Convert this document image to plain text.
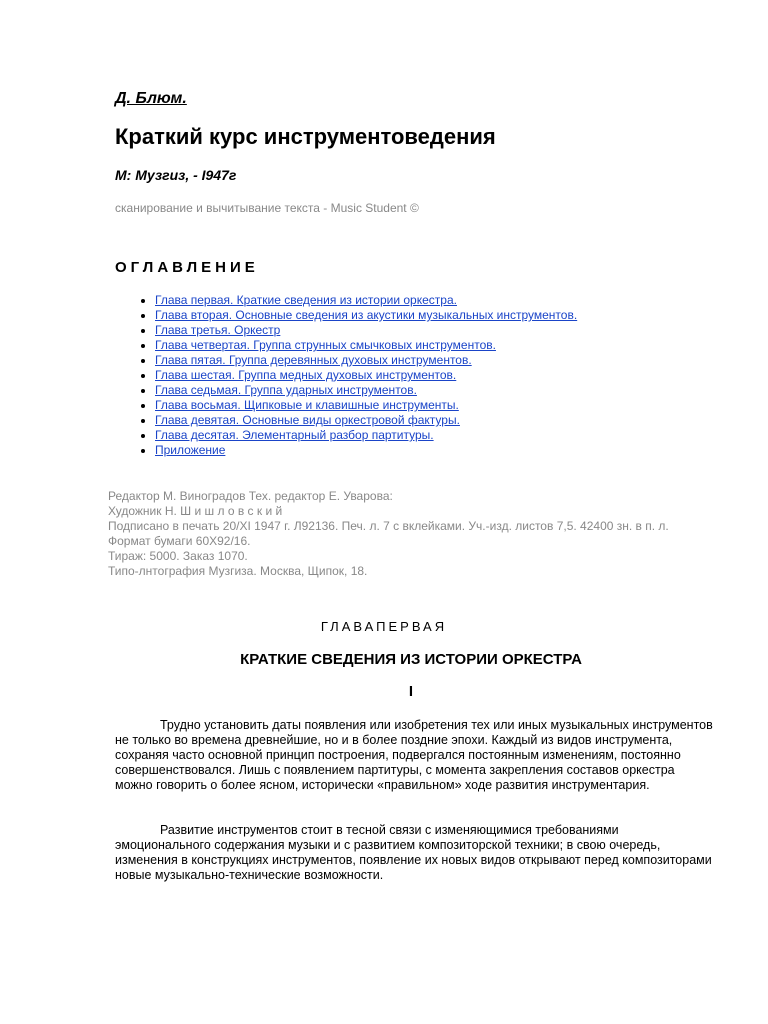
Д. Блюм.
Краткий курс инструментоведения
М: Музгиз, - I947г
сканирование и вычитывание текста - Music Student ©
ОГЛАВЛЕНИЕ
• Глава первая. Краткие сведения из истории оркестра.
• Глава вторая. Основные сведения из акустики музыкальных инструментов.
• Глава третья. Оркестр
• Глава четвертая. Группа струнных смычковых инструментов.
• Глава пятая. Группа деревянных духовых инструментов.
• Глава шестая. Группа медных духовых инструментов.
• Глава седьмая. Группа ударных инструментов.
• Глава восьмая. Щипковые и клавишные инструменты.
• Глава девятая. Основные виды оркестровой фактуры.
• Глава десятая. Элементарный разбор партитуры.
• Приложение
Редактор М. Виноградов Тех. редактор Е. Уварова:
Художник Н. Ш и ш л о в с к и й
Подписано в печать 20/XI 1947 г. Л92136. Печ. л. 7 с вклейками. Уч.-изд. листов 7,5. 42400 зн. в п. л. Формат бумаги 60X92/16.
Тираж: 5000. Заказ 1070.
Типо-лнтография Музгиза. Москва, Щипок, 18.
ГЛАВАПЕРВАЯ
КРАТКИЕ СВЕДЕНИЯ ИЗ ИСТОРИИ ОРКЕСТРА
I

Трудно установить даты появления или изобретения тех или иных музыкальных инструментов не только во времена древнейшие, но и в более поздние эпохи. Каждый из видов инструмента, сохраняя часто основной принцип построения, подвергался постоянным изменениям, постоянно совершенствовался. Лишь с появлением партитуры, с момента закрепления составов оркестра можно говорить о более ясном, исторически «правильном» ходе развития инструментария.

Развитие инструментов стоит в тесной связи с изменяющимися требованиями эмоционального содержания музыки и с развитием композиторской техники; в свою очередь, изменения в конструкциях инструментов, появление их новых видов открывают перед композиторами новые музыкально-технические возможности.
